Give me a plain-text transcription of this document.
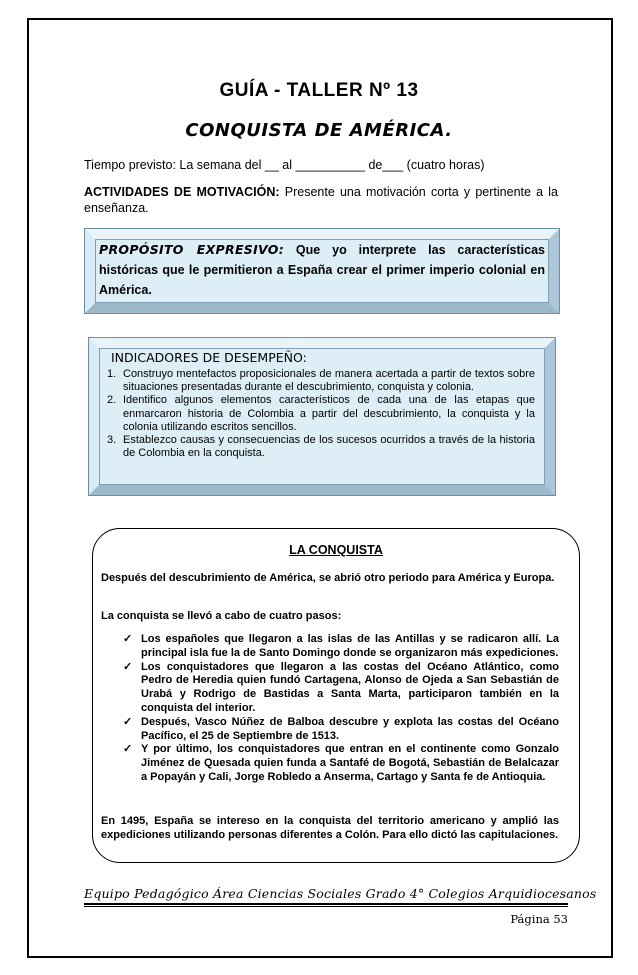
GUÍA - TALLER Nº 13
CONQUISTA DE AMÉRICA.
Tiempo previsto: La semana del __ al __________ de___ (cuatro horas)
ACTIVIDADES DE MOTIVACIÓN: Presente una motivación corta y pertinente a la enseñanza.
PROPÓSITO EXPRESIVO: Que yo interprete las características históricas que le permitieron a España crear el primer imperio colonial en América.
INDICADORES DE DESEMPEÑO:

1. Construyo mentefactos proposicionales de manera acertada a partir de textos sobre situaciones presentadas durante el descubrimiento, conquista y colonia.

2. Identifico algunos elementos característicos de cada una de las etapas que enmarcaron historia de Colombia a partir del descubrimiento, la conquista y la colonia utilizando escritos sencillos.

3. Establezco causas y consecuencias de los sucesos ocurridos a través de la historia de Colombia en la conquista.

LA CONQUISTA
Después del descubrimiento de América, se abrió otro periodo para América y Europa.
La conquista se llevó a cabo de cuatro pasos:

✓ Los españoles que llegaron a las islas de las Antillas y se radicaron allí. La principal isla fue la de Santo Domingo donde se organizaron más expediciones.

✓ Los conquistadores que llegaron a las costas del Océano Atlántico, como Pedro de Heredia quien fundó Cartagena, Alonso de Ojeda a San Sebastián de Urabá y Rodrigo de Bastidas a Santa Marta, participaron también en la conquista del interior.

✓ Después, Vasco Núñez de Balboa descubre y explota las costas del Océano Pacífico, el 25 de Septiembre de 1513.

✓ Y por último, los conquistadores que entran en el continente como Gonzalo Jiménez de Quesada quien funda a Santafé de Bogotá, Sebastián de Belalcazar a Popayán y Cali, Jorge Robledo a Anserma, Cartago y Santa fe de Antioquia.

En 1495, España se intereso en la conquista del territorio americano y amplió las expediciones utilizando personas diferentes a Colón. Para ello dictó las capitulaciones.
Equipo Pedagógico Área Ciencias Sociales Grado 4° Colegios Arquidiocesanos
Página 53
